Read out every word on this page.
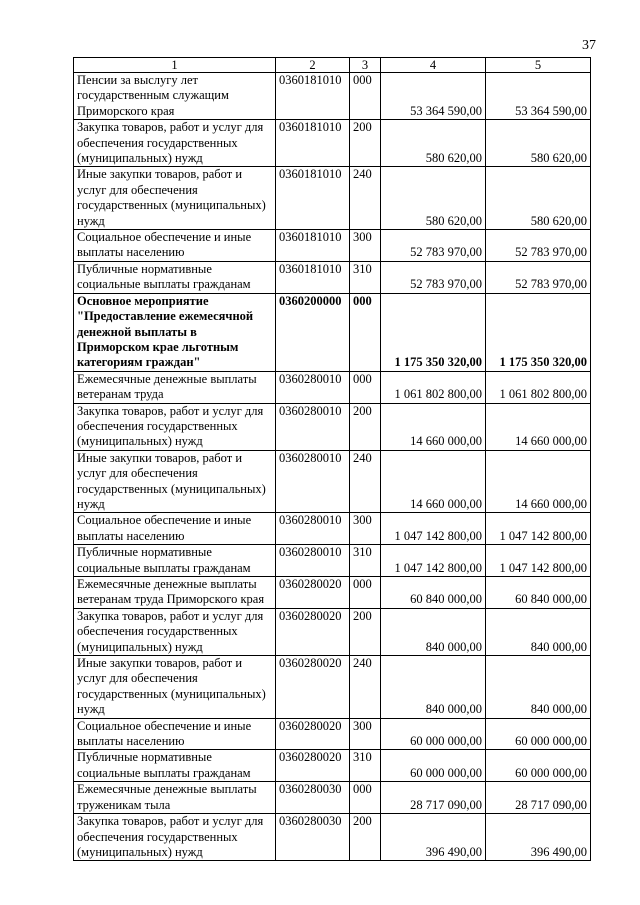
37
1	2	3	4	5
Пенсии за выслугу лет государственным служащим Приморского края	0360181010	000	53 364 590,00	53 364 590,00
Закупка товаров, работ и услуг для обеспечения государственных (муниципальных) нужд	0360181010	200	580 620,00	580 620,00
Иные закупки товаров, работ и услуг для обеспечения государственных (муниципальных) нужд	0360181010	240	580 620,00	580 620,00
Социальное обеспечение и иные выплаты населению	0360181010	300	52 783 970,00	52 783 970,00
Публичные нормативные социальные выплаты гражданам	0360181010	310	52 783 970,00	52 783 970,00
Основное мероприятие "Предоставление ежемесячной денежной выплаты в Приморском крае льготным категориям граждан"	0360200000	000	1 175 350 320,00	1 175 350 320,00
Ежемесячные денежные выплаты ветеранам труда	0360280010	000	1 061 802 800,00	1 061 802 800,00
Закупка товаров, работ и услуг для обеспечения государственных (муниципальных) нужд	0360280010	200	14 660 000,00	14 660 000,00
Иные закупки товаров, работ и услуг для обеспечения государственных (муниципальных) нужд	0360280010	240	14 660 000,00	14 660 000,00
Социальное обеспечение и иные выплаты населению	0360280010	300	1 047 142 800,00	1 047 142 800,00
Публичные нормативные социальные выплаты гражданам	0360280010	310	1 047 142 800,00	1 047 142 800,00
Ежемесячные денежные выплаты ветеранам труда Приморского края	0360280020	000	60 840 000,00	60 840 000,00
Закупка товаров, работ и услуг для обеспечения государственных (муниципальных) нужд	0360280020	200	840 000,00	840 000,00
Иные закупки товаров, работ и услуг для обеспечения государственных (муниципальных) нужд	0360280020	240	840 000,00	840 000,00
Социальное обеспечение и иные выплаты населению	0360280020	300	60 000 000,00	60 000 000,00
Публичные нормативные социальные выплаты гражданам	0360280020	310	60 000 000,00	60 000 000,00
Ежемесячные денежные выплаты труженикам тыла	0360280030	000	28 717 090,00	28 717 090,00
Закупка товаров, работ и услуг для обеспечения государственных (муниципальных) нужд	0360280030	200	396 490,00	396 490,00
